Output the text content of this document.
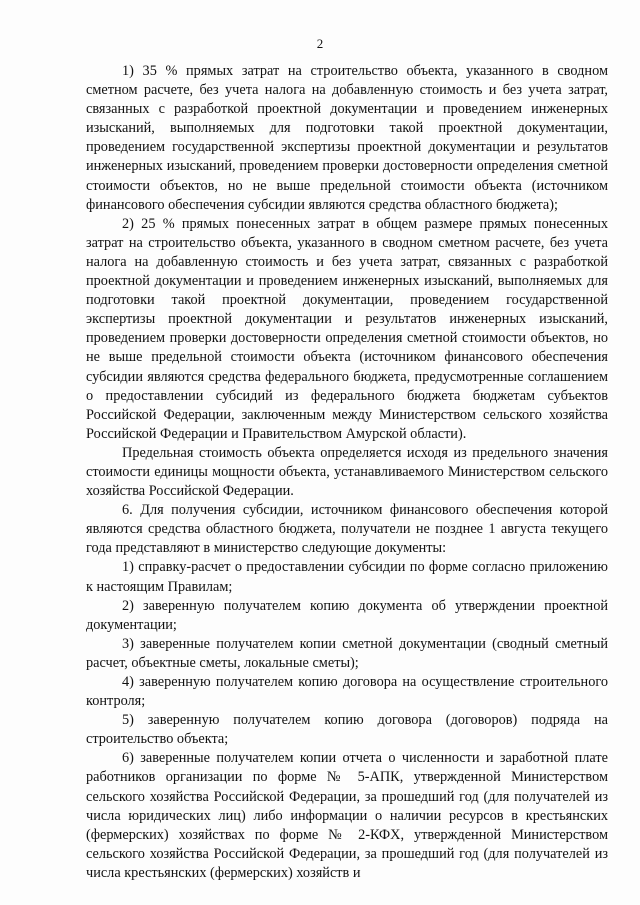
2

1) 35 % прямых затрат на строительство объекта, указанного в сводном сметном расчете, без учета налога на добавленную стоимость и без учета затрат, связанных с разработкой проектной документации и проведением инженерных изысканий, выполняемых для подготовки такой проектной документации, проведением государственной экспертизы проектной документации и результатов инженерных изысканий, проведением проверки достоверности определения сметной стоимости объектов, но не выше предельной стоимости объекта (источником финансового обеспечения субсидии являются средства областного бюджета);

2) 25 % прямых понесенных затрат в общем размере прямых понесенных затрат на строительство объекта, указанного в сводном сметном расчете, без учета налога на добавленную стоимость и без учета затрат, связанных с разработкой проектной документации и проведением инженерных изысканий, выполняемых для подготовки такой проектной документации, проведением государственной экспертизы проектной документации и результатов инженерных изысканий, проведением проверки достоверности определения сметной стоимости объектов, но не выше предельной стоимости объекта (источником финансового обеспечения субсидии являются средства федерального бюджета, предусмотренные соглашением о предоставлении субсидий из федерального бюджета бюджетам субъектов Российской Федерации, заключенным между Министерством сельского хозяйства Российской Федерации и Правительством Амурской области).

Предельная стоимость объекта определяется исходя из предельного значения стоимости единицы мощности объекта, устанавливаемого Министерством сельского хозяйства Российской Федерации.

6. Для получения субсидии, источником финансового обеспечения которой являются средства областного бюджета, получатели не позднее 1 августа текущего года представляют в министерство следующие документы:

1) справку-расчет о предоставлении субсидии по форме согласно приложению к настоящим Правилам;

2) заверенную получателем копию документа об утверждении проектной документации;

3) заверенные получателем копии сметной документации (сводный сметный расчет, объектные сметы, локальные сметы);

4) заверенную получателем копию договора на осуществление строительного контроля;

5) заверенную получателем копию договора (договоров) подряда на строительство объекта;

6) заверенные получателем копии отчета о численности и заработной плате работников организации по форме № 5-АПК, утвержденной Министерством сельского хозяйства Российской Федерации, за прошедший год (для получателей из числа юридических лиц) либо информации о наличии ресурсов в крестьянских (фермерских) хозяйствах по форме № 2-КФХ, утвержденной Министерством сельского хозяйства Российской Федерации, за прошедший год (для получателей из числа крестьянских (фермерских) хозяйств и
